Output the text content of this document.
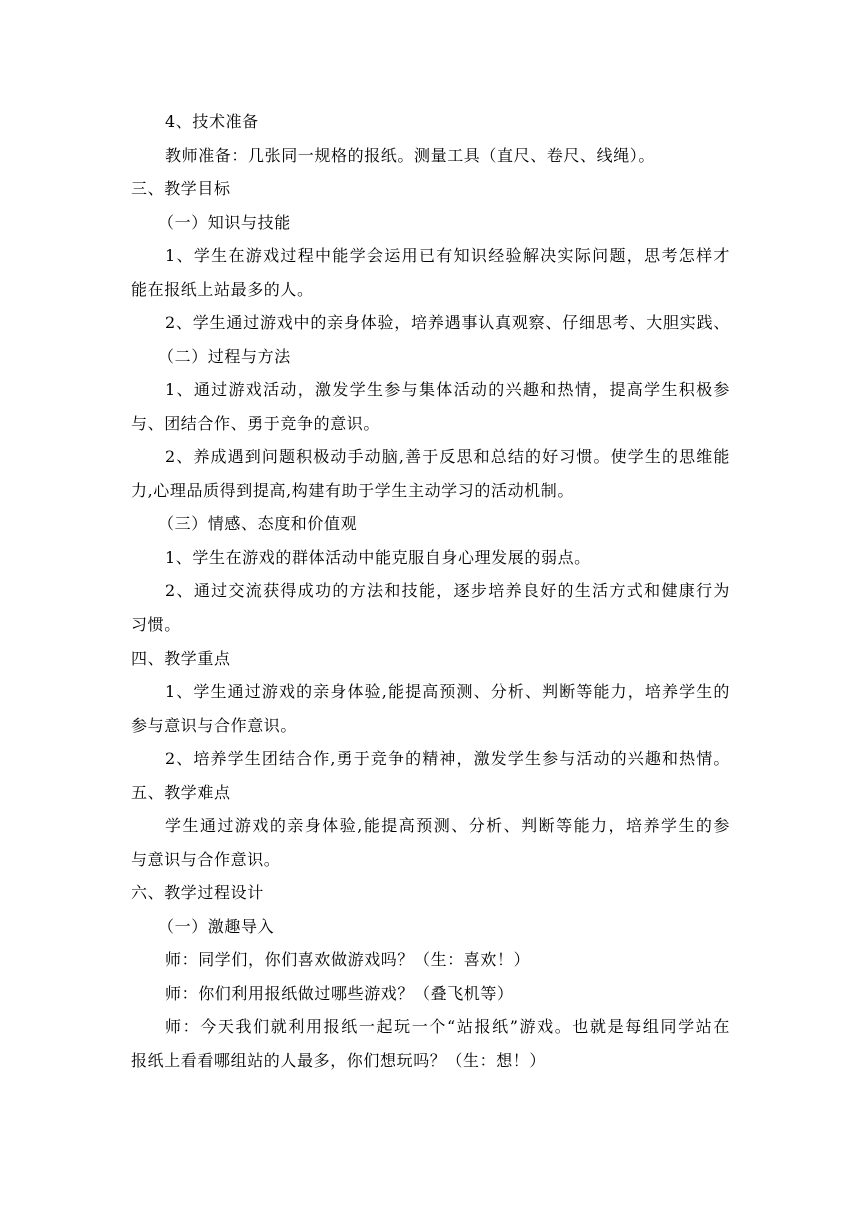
4、技术准备
教师准备：几张同一规格的报纸。测量工具（直尺、卷尺、线绳）。
三、教学目标
（一）知识与技能
1、学生在游戏过程中能学会运用已有知识经验解决实际问题，思考怎样才
能在报纸上站最多的人。
2、学生通过游戏中的亲身体验，培养遇事认真观察、仔细思考、大胆实践、
（二）过程与方法
1、通过游戏活动，激发学生参与集体活动的兴趣和热情，提高学生积极参
与、团结合作、勇于竞争的意识。
2、养成遇到问题积极动手动脑,善于反思和总结的好习惯。使学生的思维能
力,心理品质得到提高,构建有助于学生主动学习的活动机制。
（三）情感、态度和价值观
1、学生在游戏的群体活动中能克服自身心理发展的弱点。
2、通过交流获得成功的方法和技能，逐步培养良好的生活方式和健康行为
习惯。
四、教学重点
1、学生通过游戏的亲身体验,能提高预测、分析、判断等能力，培养学生的
参与意识与合作意识。
2、培养学生团结合作,勇于竞争的精神，激发学生参与活动的兴趣和热情。
五、教学难点
学生通过游戏的亲身体验,能提高预测、分析、判断等能力，培养学生的参
与意识与合作意识。
六、教学过程设计
（一）激趣导入
师：同学们，你们喜欢做游戏吗？（生：喜欢！）
师：你们利用报纸做过哪些游戏？（叠飞机等）
师：今天我们就利用报纸一起玩一个“站报纸”游戏。也就是每组同学站在
报纸上看看哪组站的人最多，你们想玩吗？（生：想！）
